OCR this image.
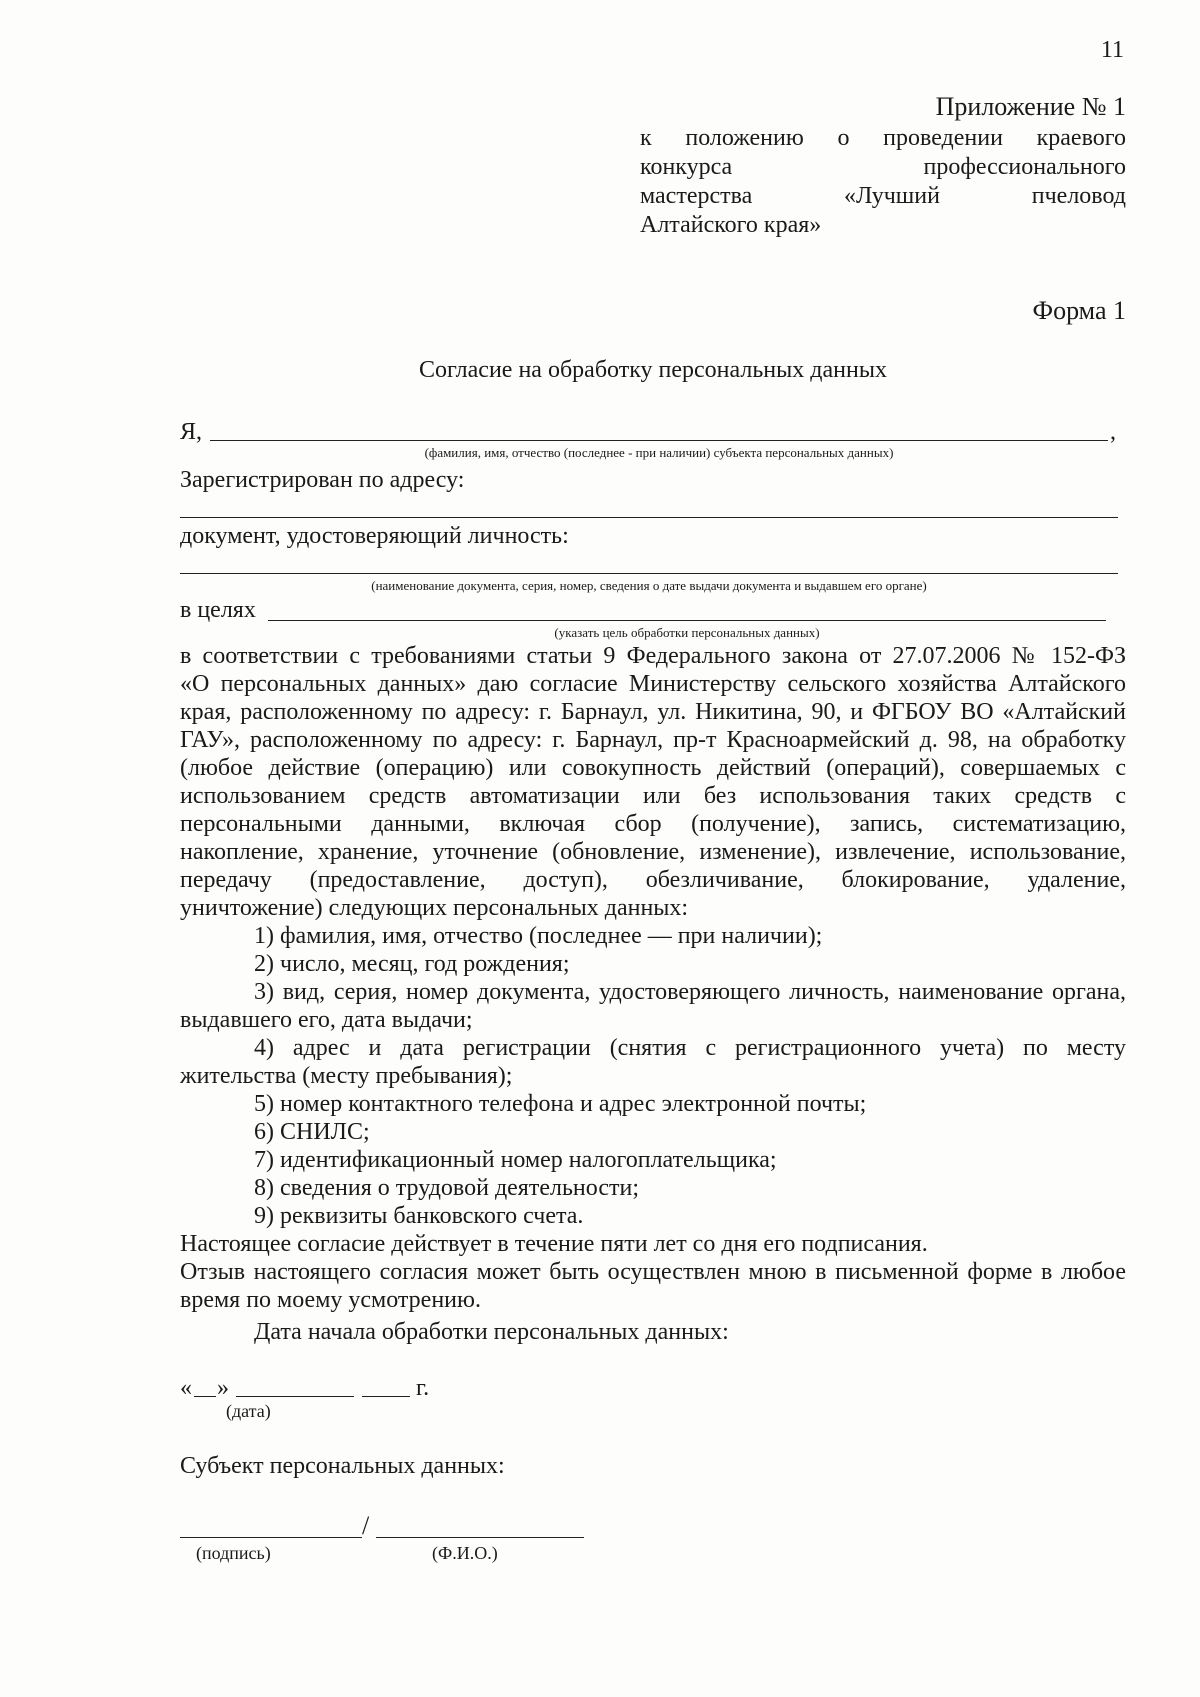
11
Приложение № 1
к положению о проведении краевого
конкурса профессионального
мастерства «Лучший пчеловод
Алтайского края»
Форма 1
Согласие на обработку персональных данных
Я,	,
(фамилия, имя, отчество (последнее - при наличии) субъекта персональных данных)
Зарегистрирован по адресу:
документ, удостоверяющий личность:
(наименование документа, серия, номер, сведения о дате выдачи документа и выдавшем его органе)
в целях
(указать цель обработки персональных данных)
в соответствии с требованиями статьи 9 Федерального закона от 27.07.2006 № 152-ФЗ
«О персональных данных» даю согласие Министерству сельского хозяйства Алтайского
края, расположенному по адресу: г. Барнаул, ул. Никитина, 90, и ФГБОУ ВО «Алтайский
ГАУ», расположенному по адресу: г. Барнаул, пр-т Красноармейский д. 98, на обработку
(любое действие (операцию) или совокупность действий (операций), совершаемых с
использованием средств автоматизации или без использования таких средств с
персональными данными, включая сбор (получение), запись, систематизацию,
накопление, хранение, уточнение (обновление, изменение), извлечение, использование,
передачу (предоставление, доступ), обезличивание, блокирование, удаление,
уничтожение) следующих персональных данных:
1) фамилия, имя, отчество (последнее — при наличии);
2) число, месяц, год рождения;
3) вид, серия, номер документа, удостоверяющего личность, наименование органа,
выдавшего его, дата выдачи;
4) адрес и дата регистрации (снятия с регистрационного учета) по месту
жительства (месту пребывания);
5) номер контактного телефона и адрес электронной почты;
6) СНИЛС;
7) идентификационный номер налогоплательщика;
8) сведения о трудовой деятельности;
9) реквизиты банковского счета.
Настоящее согласие действует в течение пяти лет со дня его подписания.
Отзыв настоящего согласия может быть осуществлен мною в письменной форме в любое
время по моему усмотрению.
Дата начала обработки персональных данных:
« »	г.
(дата)
Субъект персональных данных:
/
(подпись)	(Ф.И.О.)
